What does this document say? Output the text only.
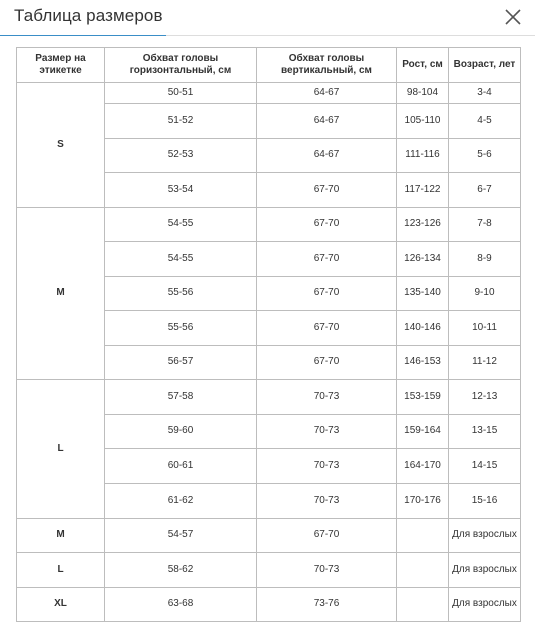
Таблица размеров
Размер на этикетке	Обхват головы горизонтальный, см	Обхват головы вертикальный, см	Рост, см	Возраст, лет
S	50-51	64-67	98-104	3-4
	51-52	64-67	105-110	4-5
	52-53	64-67	111-116	5-6
	53-54	67-70	117-122	6-7
M	54-55	67-70	123-126	7-8
	54-55	67-70	126-134	8-9
	55-56	67-70	135-140	9-10
	55-56	67-70	140-146	10-11
	56-57	67-70	146-153	11-12
L	57-58	70-73	153-159	12-13
	59-60	70-73	159-164	13-15
	60-61	70-73	164-170	14-15
	61-62	70-73	170-176	15-16
M	54-57	67-70		Для взрослых
L	58-62	70-73		Для взрослых
XL	63-68	73-76		Для взрослых
